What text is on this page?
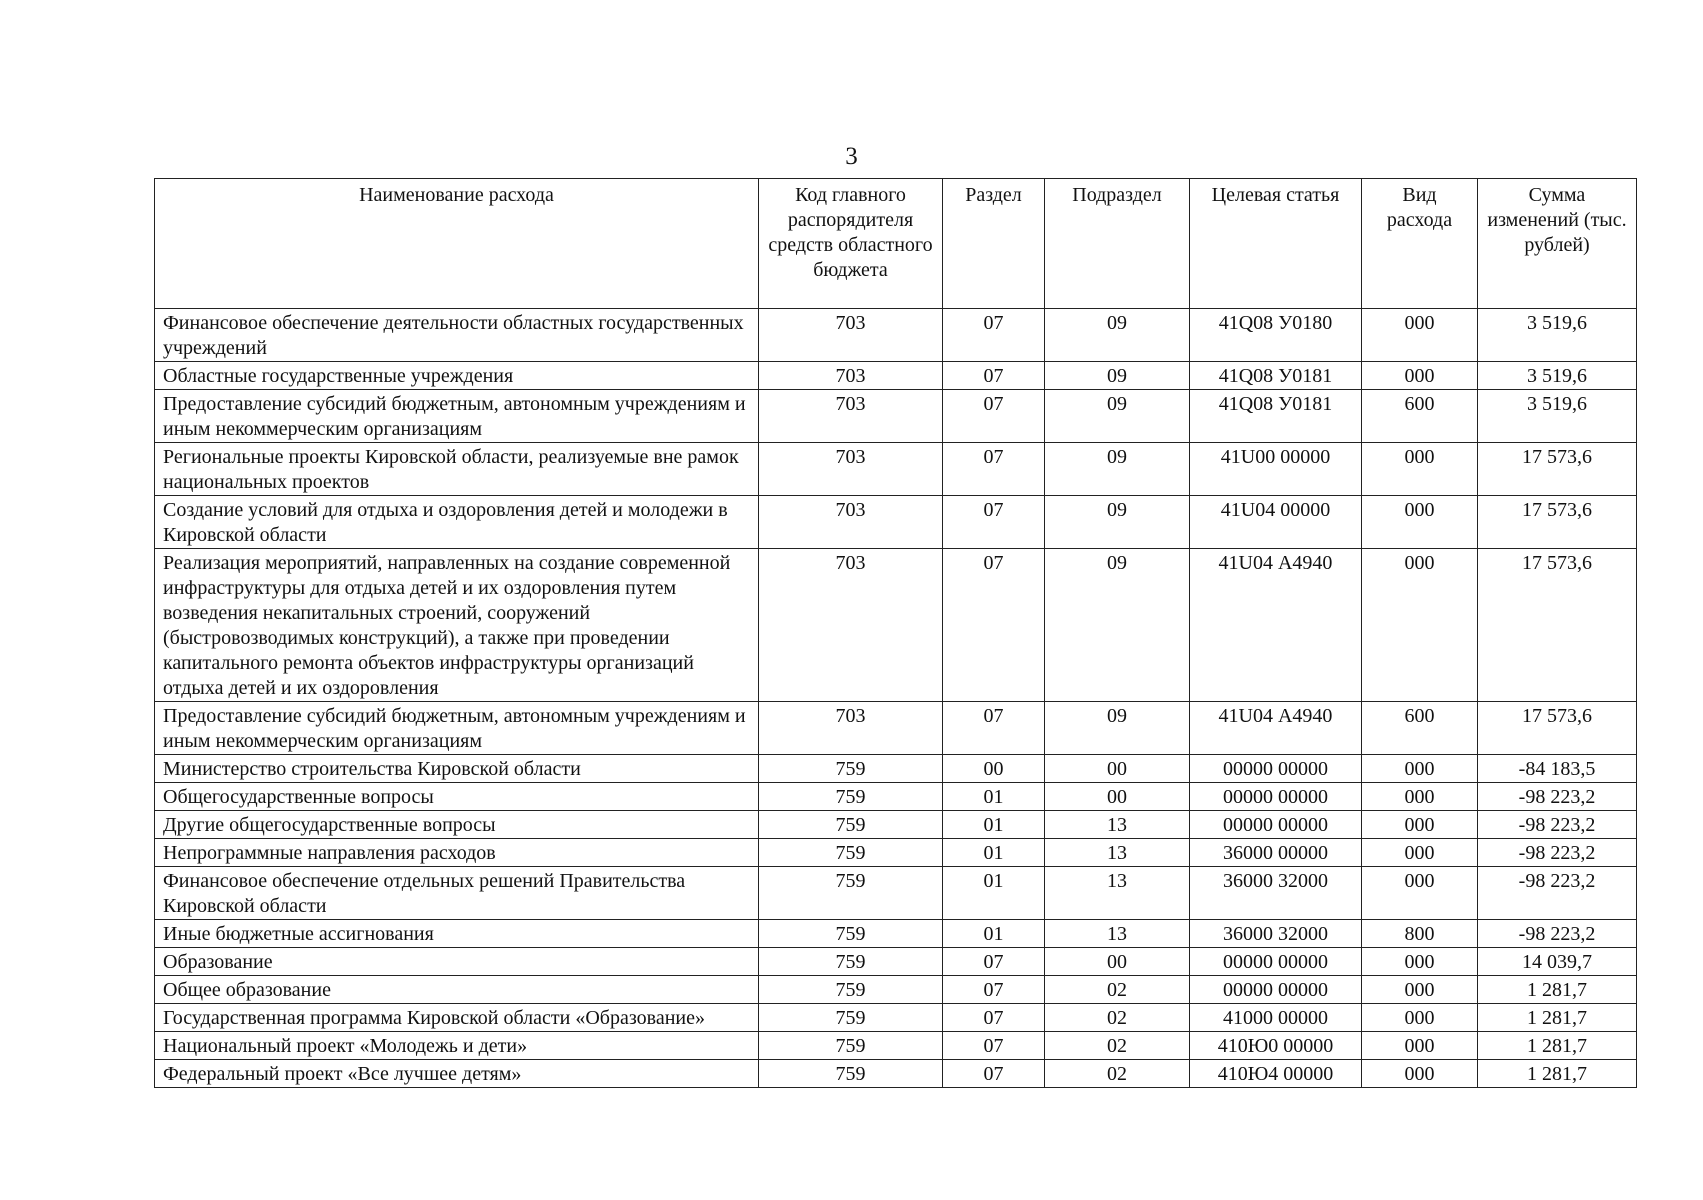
3
Наименование расхода	Код главного распорядителя средств областного бюджета	Раздел	Подраздел	Целевая статья	Вид расхода	Сумма изменений (тыс. рублей)
Финансовое обеспечение деятельности областных государственных учреждений	703	07	09	41Q08 У0180	000	3 519,6
Областные государственные учреждения	703	07	09	41Q08 У0181	000	3 519,6
Предоставление субсидий бюджетным, автономным учреждениям и иным некоммерческим организациям	703	07	09	41Q08 У0181	600	3 519,6
Региональные проекты Кировской области, реализуемые вне рамок национальных проектов	703	07	09	41U00 00000	000	17 573,6
Создание условий для отдыха и оздоровления детей и молодежи в Кировской области	703	07	09	41U04 00000	000	17 573,6
Реализация мероприятий, направленных на создание современной инфраструктуры для отдыха детей и их оздоровления путем возведения некапитальных строений, сооружений (быстровозводимых конструкций), а также при проведении капитального ремонта объектов инфраструктуры организаций отдыха детей и их оздоровления	703	07	09	41U04 А4940	000	17 573,6
Предоставление субсидий бюджетным, автономным учреждениям и иным некоммерческим организациям	703	07	09	41U04 А4940	600	17 573,6
Министерство строительства Кировской области	759	00	00	00000 00000	000	-84 183,5
Общегосударственные вопросы	759	01	00	00000 00000	000	-98 223,2
Другие общегосударственные вопросы	759	01	13	00000 00000	000	-98 223,2
Непрограммные направления расходов	759	01	13	36000 00000	000	-98 223,2
Финансовое обеспечение отдельных решений Правительства Кировской области	759	01	13	36000 32000	000	-98 223,2
Иные бюджетные ассигнования	759	01	13	36000 32000	800	-98 223,2
Образование	759	07	00	00000 00000	000	14 039,7
Общее образование	759	07	02	00000 00000	000	1 281,7
Государственная программа Кировской области «Образование»	759	07	02	41000 00000	000	1 281,7
Национальный проект «Молодежь и дети»	759	07	02	410Ю0 00000	000	1 281,7
Федеральный проект «Все лучшее детям»	759	07	02	410Ю4 00000	000	1 281,7
